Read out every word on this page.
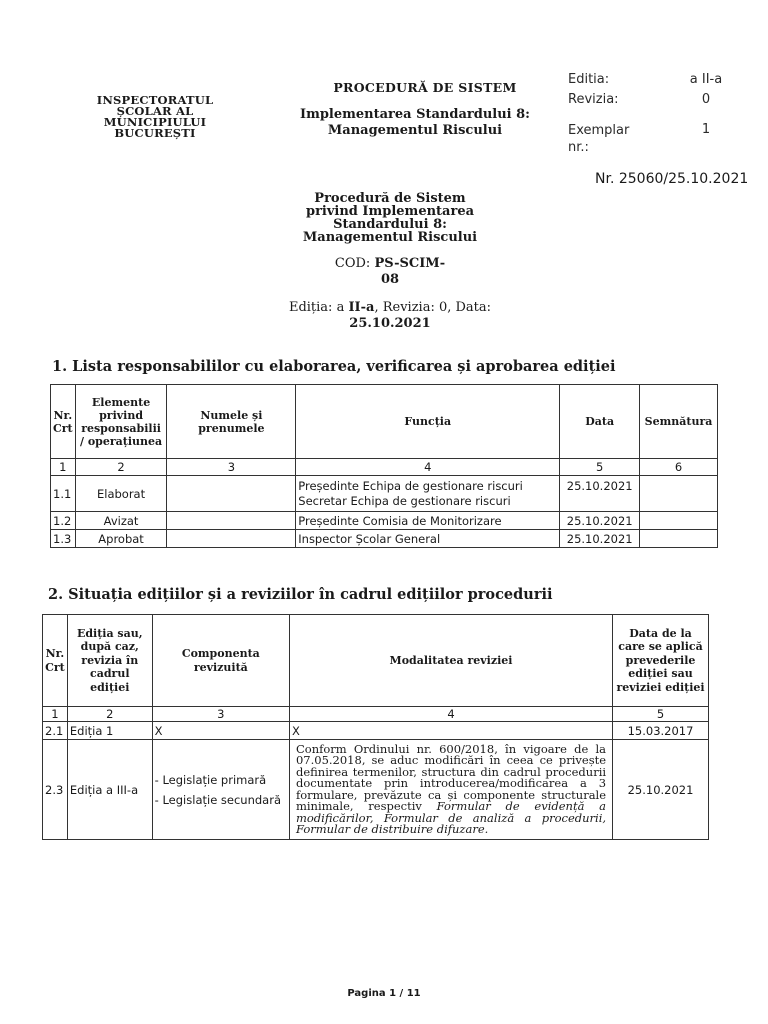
INSPECTORATUL
ȘCOLAR AL
MUNICIPIULUI
BUCUREȘTI
PROCEDURĂ DE SISTEM
Implementarea Standardului 8:
Managementul Riscului
Editia:	a II-a
Revizia:	0
Exemplar nr.:
1
Nr. 25060/25.10.2021
Procedură de Sistem
privind Implementarea
Standardului 8:
Managementul Riscului
COD: PS-SCIM-08
Ediția: a II-a, Revizia: 0, Data:
25.10.2021
1. Lista responsabililor cu elaborarea, verificarea și aprobarea ediției
Nr. Crt	Elemente privind responsabilii / operațiunea	Numele și prenumele	Funcția	Data	Semnătura
1	2	3	4	5	6
1.1	Elaborat		Președinte Echipa de gestionare riscuri
Secretar Echipa de gestionare riscuri	25.10.2021	
1.2	Avizat		Președinte Comisia de Monitorizare	25.10.2021	
1.3	Aprobat		Inspector Școlar General	25.10.2021	
2. Situația edițiilor și a reviziilor în cadrul edițiilor procedurii
Nr. Crt	Ediția sau, după caz, revizia în cadrul ediției	Componenta revizuită	Modalitatea reviziei	Data de la care se aplică prevederile ediției sau reviziei ediției
1	2	3	4	5
2.1	Ediția 1	X	X	15.03.2017
2.3	Ediția a III-a	- Legislație primară
- Legislație secundară	Conform Ordinului nr. 600/2018, în vigoare de la 07.05.2018, se aduc modificări în ceea ce privește definirea termenilor, structura din cadrul procedurii documentate prin introducerea/modificarea a 3 formulare, prevăzute ca și componente structurale minimale, respectiv Formular de evidență a modificărilor, Formular de analiză a procedurii, Formular de distribuire difuzare.	25.10.2021
Pagina 1 / 11
